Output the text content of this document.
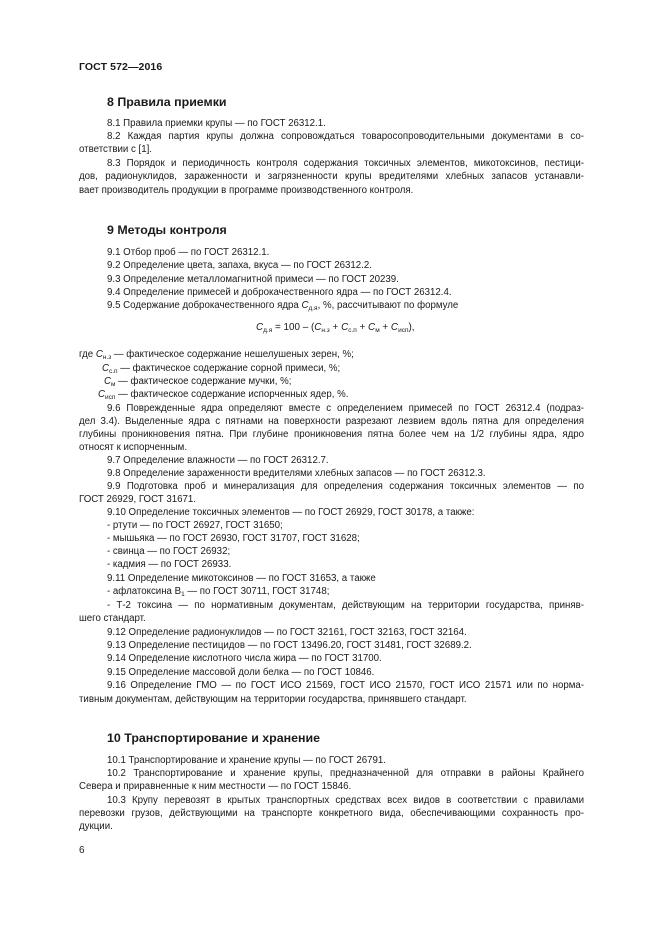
ГОСТ 572—2016
8 Правила приемки
8.1 Правила приемки крупы — по ГОСТ 26312.1.
8.2 Каждая партия крупы должна сопровождаться товаросопроводительными документами в со-
ответствии с [1].
8.3 Порядок и периодичность контроля содержания токсичных элементов, микотоксинов, пестици-
дов, радионуклидов, зараженности и загрязненности крупы вредителями хлебных запасов устанавли-
вает производитель продукции в программе производственного контроля.
9 Методы контроля
9.1 Отбор проб — по ГОСТ 26312.1.
9.2 Определение цвета, запаха, вкуса — по ГОСТ 26312.2.
9.3 Определение металломагнитной примеси — по ГОСТ 20239.
9.4 Определение примесей и доброкачественного ядра — по ГОСТ 26312.4.
9.5 Содержание доброкачественного ядра $С_{д.я}$, %, рассчитывают по формуле
$С_{д.я} = 100 - (С_{н.з} + С_{с.п} + С_м + С_{исп})$,
где $С_{н.з}$ — фактическое содержание нешелушеных зерен, %;
$С_{с.п}$ — фактическое содержание сорной примеси, %;
$С_м$ — фактическое содержание мучки, %;
$С_{исп}$ — фактическое содержание испорченных ядер, %.
9.6 Поврежденные ядра определяют вместе с определением примесей по ГОСТ 26312.4 (подраз-
дел 3.4). Выделенные ядра с пятнами на поверхности разрезают лезвием вдоль пятна для определения
глубины проникновения пятна. При глубине проникновения пятна более чем на 1/2 глубины ядра, ядро
относят к испорченным.
9.7 Определение влажности — по ГОСТ 26312.7.
9.8 Определение зараженности вредителями хлебных запасов — по ГОСТ 26312.3.
9.9 Подготовка проб и минерализация для определения содержания токсичных элементов — по
ГОСТ 26929, ГОСТ 31671.
9.10 Определение токсичных элементов — по ГОСТ 26929, ГОСТ 30178, а также:
- ртути — по ГОСТ 26927, ГОСТ 31650;
- мышьяка — по ГОСТ 26930, ГОСТ 31707, ГОСТ 31628;
- свинца — по ГОСТ 26932;
- кадмия — по ГОСТ 26933.
9.11 Определение микотоксинов — по ГОСТ 31653, а также
- афлатоксина $В_1$ — по ГОСТ 30711, ГОСТ 31748;
- Т-2 токсина — по нормативным документам, действующим на территории государства, приняв-
шего стандарт.
9.12 Определение радионуклидов — по ГОСТ 32161, ГОСТ 32163, ГОСТ 32164.
9.13 Определение пестицидов — по ГОСТ 13496.20, ГОСТ 31481, ГОСТ 32689.2.
9.14 Определение кислотного числа жира — по ГОСТ 31700.
9.15 Определение массовой доли белка — по ГОСТ 10846.
9.16 Определение ГМО — по ГОСТ ИСО 21569, ГОСТ ИСО 21570, ГОСТ ИСО 21571 или по норма-
тивным документам, действующим на территории государства, принявшего стандарт.
10 Транспортирование и хранение
10.1 Транспортирование и хранение крупы — по ГОСТ 26791.
10.2 Транспортирование и хранение крупы, предназначенной для отправки в районы Крайнего
Севера и приравненные к ним местности — по ГОСТ 15846.
10.3 Крупу перевозят в крытых транспортных средствах всех видов в соответствии с правилами
перевозки грузов, действующими на транспорте конкретного вида, обеспечивающими сохранность про-
дукции.
6
